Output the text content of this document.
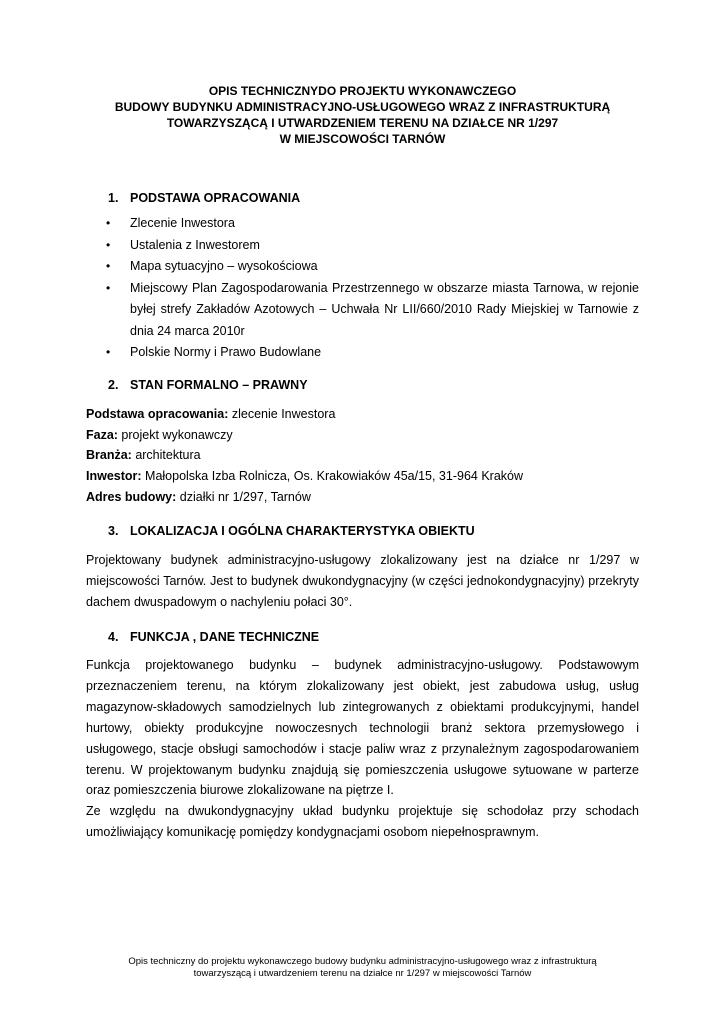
OPIS TECHNICZNYDO PROJEKTU WYKONAWCZEGO
BUDOWY BUDYNKU ADMINISTRACYJNO-USŁUGOWEGO WRAZ Z INFRASTRUKTURĄ
TOWARZYSZĄCĄ I UTWARDZENIEM TERENU NA DZIAŁCE NR 1/297
W MIEJSCOWOŚCI TARNÓW
1. PODSTAWA OPRACOWANIA
• Zlecenie Inwestora
• Ustalenia z Inwestorem
• Mapa sytuacyjno – wysokościowa
• Miejscowy Plan Zagospodarowania Przestrzennego w obszarze miasta Tarnowa, w rejonie byłej strefy Zakładów Azotowych – Uchwała Nr LII/660/2010 Rady Miejskiej w Tarnowie z dnia 24 marca 2010r
• Polskie Normy i Prawo Budowlane
2. STAN FORMALNO – PRAWNY
Podstawa opracowania: zlecenie Inwestora
Faza: projekt wykonawczy
Branża: architektura
Inwestor: Małopolska Izba Rolnicza, Os. Krakowiaków 45a/15, 31-964 Kraków
Adres budowy: działki nr 1/297, Tarnów
3. LOKALIZACJA I OGÓLNA CHARAKTERYSTYKA OBIEKTU

Projektowany budynek administracyjno-usługowy zlokalizowany jest na działce nr 1/297 w miejscowości Tarnów. Jest to budynek dwukondygnacyjny (w części jednokondygnacyjny) przekryty dachem dwuspadowym o nachyleniu połaci 30°.

4. FUNKCJA , DANE TECHNICZNE

Funkcja projektowanego budynku – budynek administracyjno-usługowy. Podstawowym przeznaczeniem terenu, na którym zlokalizowany jest obiekt, jest zabudowa usług, usług magazynow-składowych samodzielnych lub zintegrowanych z obiektami produkcyjnymi, handel hurtowy, obiekty produkcyjne nowoczesnych technologii branż sektora przemysłowego i usługowego, stacje obsługi samochodów i stacje paliw wraz z przynależnym zagospodarowaniem terenu. W projektowanym budynku znajdują się pomieszczenia usługowe sytuowane w parterze oraz pomieszczenia biurowe zlokalizowane na piętrze I.

Ze względu na dwukondygnacyjny układ budynku projektuje się schodołaz przy schodach umożliwiający komunikację pomiędzy kondygnacjami osobom niepełnosprawnym.

Opis techniczny do projektu wykonawczego budowy budynku administracyjno-usługowego wraz z infrastrukturą
towarzyszącą i utwardzeniem terenu na działce nr 1/297 w miejscowości Tarnów
